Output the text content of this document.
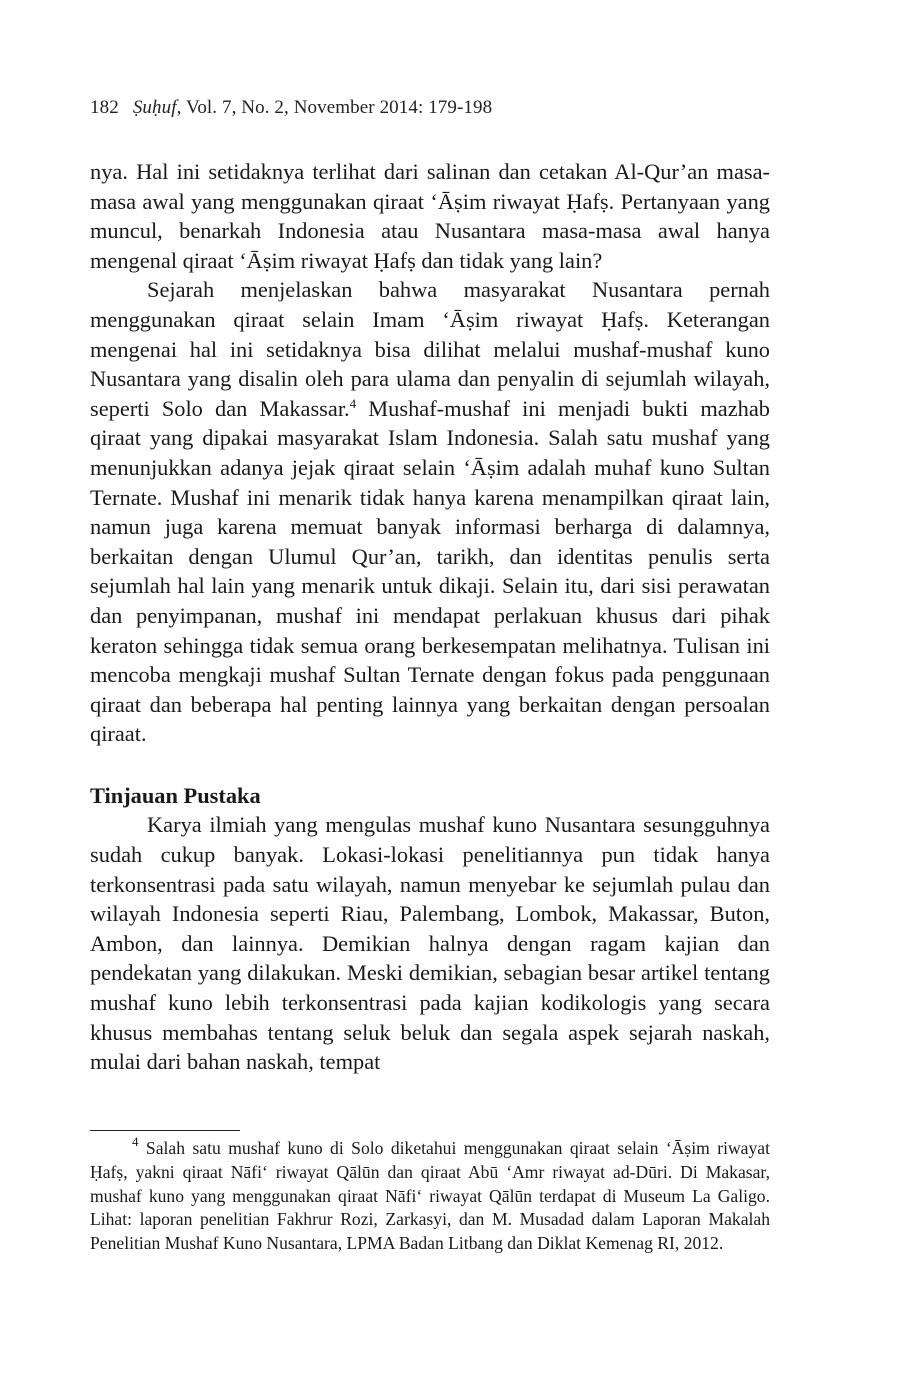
182 Ṣuḥuf, Vol. 7, No. 2, November 2014: 179-198

nya. Hal ini setidaknya terlihat dari salinan dan cetakan Al-Qur’an masa-masa awal yang menggunakan qiraat ‘Āṣim riwayat Ḥafṣ. Pertanyaan yang muncul, benarkah Indonesia atau Nusantara masa-masa awal hanya mengenal qiraat ‘Āṣim riwayat Ḥafṣ dan tidak yang lain?

Sejarah menjelaskan bahwa masyarakat Nusantara pernah menggunakan qiraat selain Imam ‘Āṣim riwayat Ḥafṣ. Keterangan mengenai hal ini setidaknya bisa dilihat melalui mushaf-mushaf kuno Nusantara yang disalin oleh para ulama dan penyalin di sejumlah wilayah, seperti Solo dan Makassar.$^4$ Mushaf-mushaf ini menjadi bukti mazhab qiraat yang dipakai masyarakat Islam Indonesia. Salah satu mushaf yang menunjukkan adanya jejak qiraat selain ‘Āṣim adalah muhaf kuno Sultan Ternate. Mushaf ini menarik tidak hanya karena menampilkan qiraat lain, namun juga karena memuat banyak informasi berharga di dalamnya, berkaitan dengan Ulumul Qur’an, tarikh, dan identitas penulis serta sejumlah hal lain yang menarik untuk dikaji. Selain itu, dari sisi perawatan dan penyimpanan, mushaf ini mendapat perlakuan khusus dari pihak keraton sehingga tidak semua orang berkesempatan melihatnya. Tulisan ini mencoba mengkaji mushaf Sultan Ternate dengan fokus pada penggunaan qiraat dan beberapa hal penting lainnya yang berkaitan dengan persoalan qiraat.

Tinjauan Pustaka

Karya ilmiah yang mengulas mushaf kuno Nusantara sesungguhnya sudah cukup banyak. Lokasi-lokasi penelitiannya pun tidak hanya terkonsentrasi pada satu wilayah, namun menyebar ke sejumlah pulau dan wilayah Indonesia seperti Riau, Palembang, Lombok, Makassar, Buton, Ambon, dan lainnya. Demikian halnya dengan ragam kajian dan pendekatan yang dilakukan. Meski demikian, sebagian besar artikel tentang mushaf kuno lebih terkonsentrasi pada kajian kodikologis yang secara khusus membahas tentang seluk beluk dan segala aspek sejarah naskah, mulai dari bahan naskah, tempat

$^4$ Salah satu mushaf kuno di Solo diketahui menggunakan qiraat selain ‘Āṣim riwayat Ḥafṣ, yakni qiraat Nāfi‘ riwayat Qālūn dan qiraat Abū ‘Amr riwayat ad-Dūri. Di Makasar, mushaf kuno yang menggunakan qiraat Nāfi‘ riwayat Qālūn terdapat di Museum La Galigo. Lihat: laporan penelitian Fakhrur Rozi, Zarkasyi, dan M. Musadad dalam Laporan Makalah Penelitian Mushaf Kuno Nusantara, LPMA Badan Litbang dan Diklat Kemenag RI, 2012.
